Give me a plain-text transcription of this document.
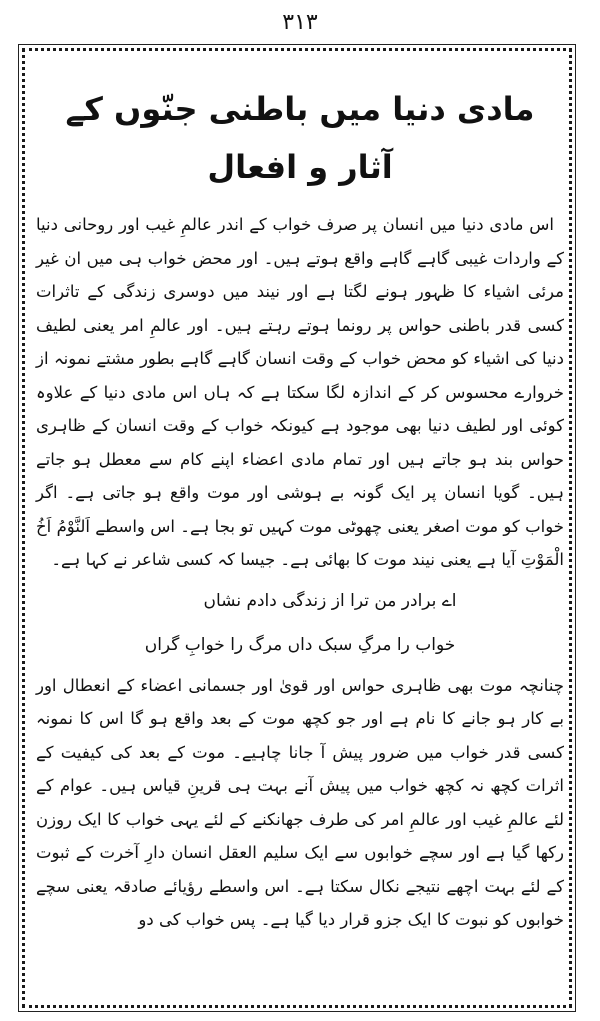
۳۱۳
مادی دنیا میں باطنی جنّوں کے آثار و افعال

اس مادی دنیا میں انسان پر صرف خواب کے اندر عالمِ غیب اور روحانی دنیا کے واردات غیبی گاہے گاہے واقع ہوتے ہیں۔ اور محض خواب ہی میں ان غیر مرئی اشیاء کا ظہور ہونے لگتا ہے اور نیند میں دوسری زندگی کے تاثرات کسی قدر باطنی حواس پر رونما ہوتے رہتے ہیں۔ اور عالمِ امر یعنی لطیف دنیا کی اشیاء کو محض خواب کے وقت انسان گاہے گاہے بطور مشتے نمونہ از خروارے محسوس کر کے اندازہ لگا سکتا ہے کہ ہاں اس مادی دنیا کے علاوہ کوئی اور لطیف دنیا بھی موجود ہے کیونکہ خواب کے وقت انسان کے ظاہری حواس بند ہو جاتے ہیں اور تمام مادی اعضاء اپنے کام سے معطل ہو جاتے ہیں۔ گویا انسان پر ایک گونہ بے ہوشی اور موت واقع ہو جاتی ہے۔ اگر خواب کو موت اصغر یعنی چھوٹی موت کہیں تو بجا ہے۔ اس واسطے اَلنَّوْمُ اَخُ الْمَوْتِ آیا ہے یعنی نیند موت کا بھائی ہے۔ جیسا کہ کسی شاعر نے کہا ہے۔

اے برادر من ترا از زندگی دادم نشاں
خواب را مرگِ سبک داں مرگ را خوابِ گراں

چنانچہ موت بھی ظاہری حواس اور قویٰ اور جسمانی اعضاء کے انعطال اور بے کار ہو جانے کا نام ہے اور جو کچھ موت کے بعد واقع ہو گا اس کا نمونہ کسی قدر خواب میں ضرور پیش آ جانا چاہیے۔ موت کے بعد کی کیفیت کے اثرات کچھ نہ کچھ خواب میں پیش آنے بہت ہی قرینِ قیاس ہیں۔ عوام کے لئے عالمِ غیب اور عالمِ امر کی طرف جھانکنے کے لئے یہی خواب کا ایک روزن رکھا گیا ہے اور سچے خوابوں سے ایک سلیم العقل انسان دارِ آخرت کے ثبوت کے لئے بہت اچھے نتیجے نکال سکتا ہے۔ اس واسطے رؤیائے صادقہ یعنی سچے خوابوں کو نبوت کا ایک جزو قرار دیا گیا ہے۔ پس خواب کی دو
